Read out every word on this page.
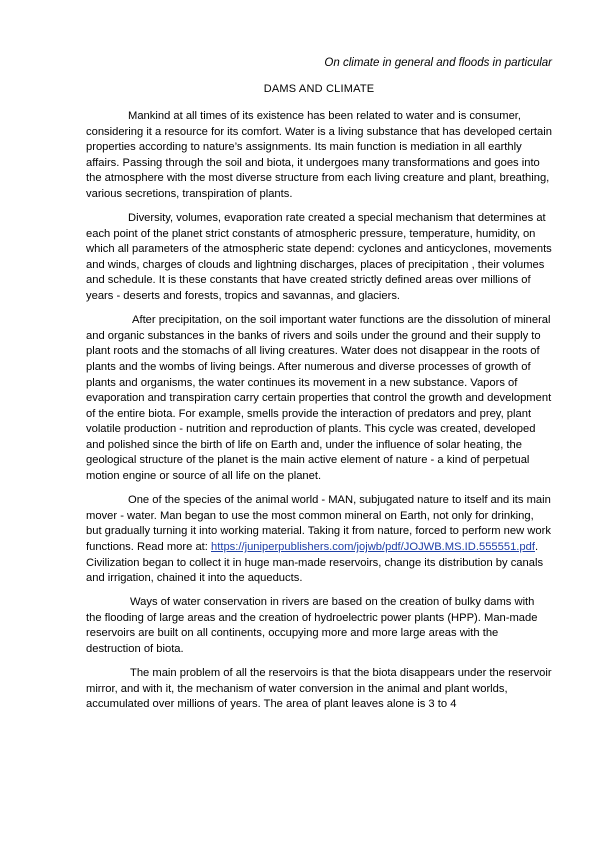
On climate in general and floods in particular
DAMS AND CLIMATE

Mankind at all times of its existence has been related to water and is consumer, considering it a resource for its comfort. Water is a living substance that has developed certain properties according to nature’s assignments. Its main function is mediation in all earthly affairs. Passing through the soil and biota, it undergoes many transformations and goes into the atmosphere with the most diverse structure from each living creature and plant, breathing, various secretions, transpiration of plants.

Diversity, volumes, evaporation rate created a special mechanism that determines at each point of the planet strict constants of atmospheric pressure, temperature, humidity, on which all parameters of the atmospheric state depend: cyclones and anticyclones, movements and winds, charges of clouds and lightning discharges, places of precipitation , their volumes and schedule. It is these constants that have created strictly defined areas over millions of years - deserts and forests, tropics and savannas, and glaciers.

After precipitation, on the soil important water functions are the dissolution of mineral and organic substances in the banks of rivers and soils under the ground and their supply to plant roots and the stomachs of all living creatures. Water does not disappear in the roots of plants and the wombs of living beings. After numerous and diverse processes of growth of plants and organisms, the water continues its movement in a new substance. Vapors of evaporation and transpiration carry certain properties that control the growth and development of the entire biota. For example, smells provide the interaction of predators and prey, plant volatile production - nutrition and reproduction of plants. This cycle was created, developed and polished since the birth of life on Earth and, under the influence of solar heating, the geological structure of the planet is the main active element of nature - a kind of perpetual motion engine or source of all life on the planet.

One of the species of the animal world - MAN, subjugated nature to itself and its main mover - water. Man began to use the most common mineral on Earth, not only for drinking, but gradually turning it into working material. Taking it from nature, forced to perform new work functions. Read more at: https://juniperpublishers.com/jojwb/pdf/JOJWB.MS.ID.555551.pdf. Civilization began to collect it in huge man-made reservoirs, change its distribution by canals and irrigation, chained it into the aqueducts.

Ways of water conservation in rivers are based on the creation of bulky dams with the flooding of large areas and the creation of hydroelectric power plants (HPP). Man-made reservoirs are built on all continents, occupying more and more large areas with the destruction of biota.

The main problem of all the reservoirs is that the biota disappears under the reservoir mirror, and with it, the mechanism of water conversion in the animal and plant worlds, accumulated over millions of years. The area of plant leaves alone is 3 to 4
